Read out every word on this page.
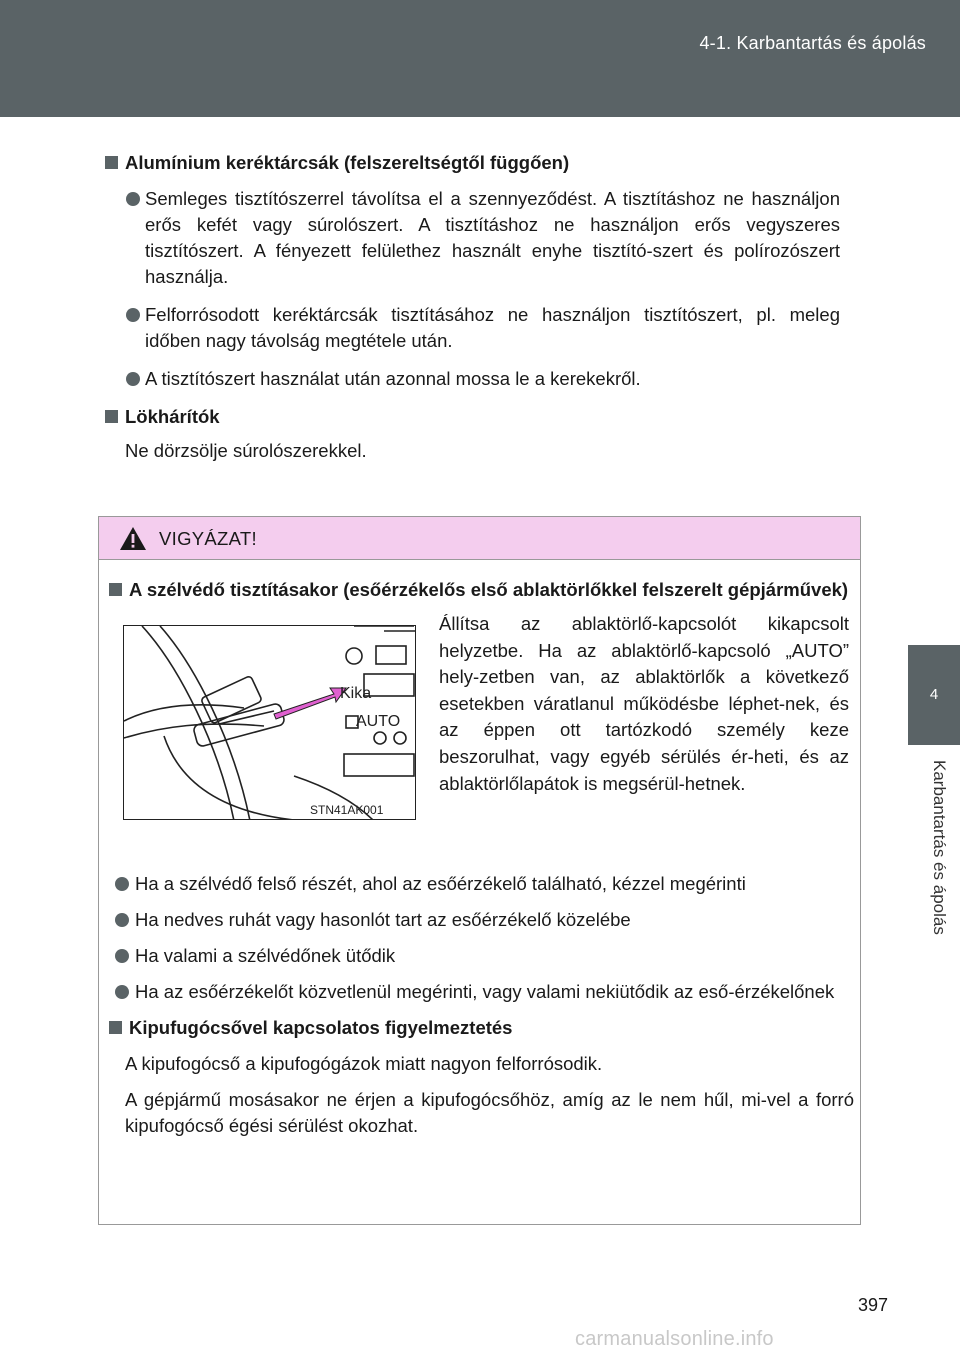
4-1. Karbantartás és ápolás
4
Karbantartás és ápolás
Alumínium keréktárcsák (felszereltségtől függően)
Semleges tisztítószerrel távolítsa el a szennyeződést. A tisztításhoz ne használjon erős kefét vagy súrolószert. A tisztításhoz ne használjon erős vegyszeres tisztítószert. A fényezett felülethez használt enyhe tisztító-szert és polírozószert használja.
Felforrósodott keréktárcsák tisztításához ne használjon tisztítószert, pl. meleg időben nagy távolság megtétele után.
A tisztítószert használat után azonnal mossa le a kerekekről.
Lökhárítók
Ne dörzsölje súrolószerekkel.
VIGYÁZAT!
A szélvédő tisztításakor (esőérzékelős első ablaktörlőkkel felszerelt gépjárművek)
Kika
AUTO
STN41AK001
Állítsa az ablaktörlő-kapcsolót kikapcsolt helyzetbe. Ha az ablaktörlő-kapcsoló „AUTO” hely-zetben van, az ablaktörlők a következő esetekben váratlanul működésbe léphet-nek, és az éppen ott tartózkodó személy keze beszorulhat, vagy egyéb sérülés ér-heti, és az ablaktörlőlapátok is megsérül-hetnek.
Ha a szélvédő felső részét, ahol az esőérzékelő található, kézzel megérinti
Ha nedves ruhát vagy hasonlót tart az esőérzékelő közelébe
Ha valami a szélvédőnek ütődik
Ha az esőérzékelőt közvetlenül megérinti, vagy valami nekiütődik az eső-érzékelőnek
Kipufugócsővel kapcsolatos figyelmeztetés
A kipufogócső a kipufogógázok miatt nagyon felforrósodik.
A gépjármű mosásakor ne érjen a kipufogócsőhöz, amíg az le nem hűl, mi-vel a forró kipufogócső égési sérülést okozhat.
397
carmanualsonline.info
